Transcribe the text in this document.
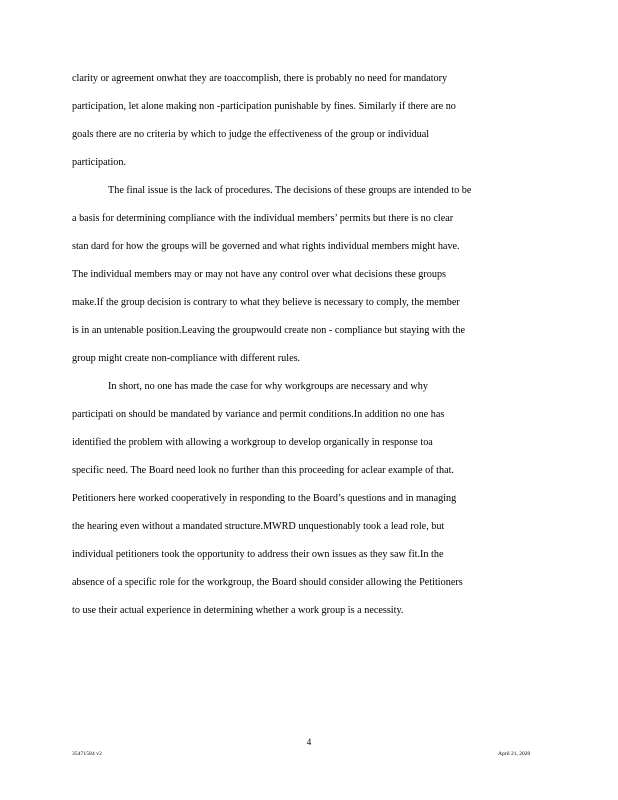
clarity or agreement onwhat they are toaccomplish, there is probably no need for mandatory
participation, let alone making non -participation punishable by fines. Similarly if there are no
goals there are no criteria by which to judge the effectiveness of the group or individual
participation.
The final issue is the lack of procedures. The decisions of these groups are intended to be
a basis for determining compliance with the individual members’ permits but there is no clear
stan dard for how the groups will be governed and what rights individual members might have.
The individual members may or may not have any control over what decisions these groups
make.If the group decision is contrary to what they believe is necessary to comply, the member
is in an untenable position.Leaving the groupwould create non - compliance but staying with the
group might create non-compliance with different rules.
In short, no one has made the case for why workgroups are necessary and why
participati on should be mandated by variance and permit conditions.In addition no one has
identified the problem with allowing a workgroup to develop organically in response toa
specific need. The Board need look no further than this proceeding for aclear example of that.
Petitioners here worked cooperatively in responding to the Board’s questions and in managing
the hearing even without a mandated structure.MWRD unquestionably took a lead role, but
individual petitioners took the opportunity to address their own issues as they saw fit.In the
absence of a specific role for the workgroup, the Board should consider allowing the Petitioners
to use their actual experience in determining whether a work group is a necessity.
4
35471584 v2	April 21, 2020
